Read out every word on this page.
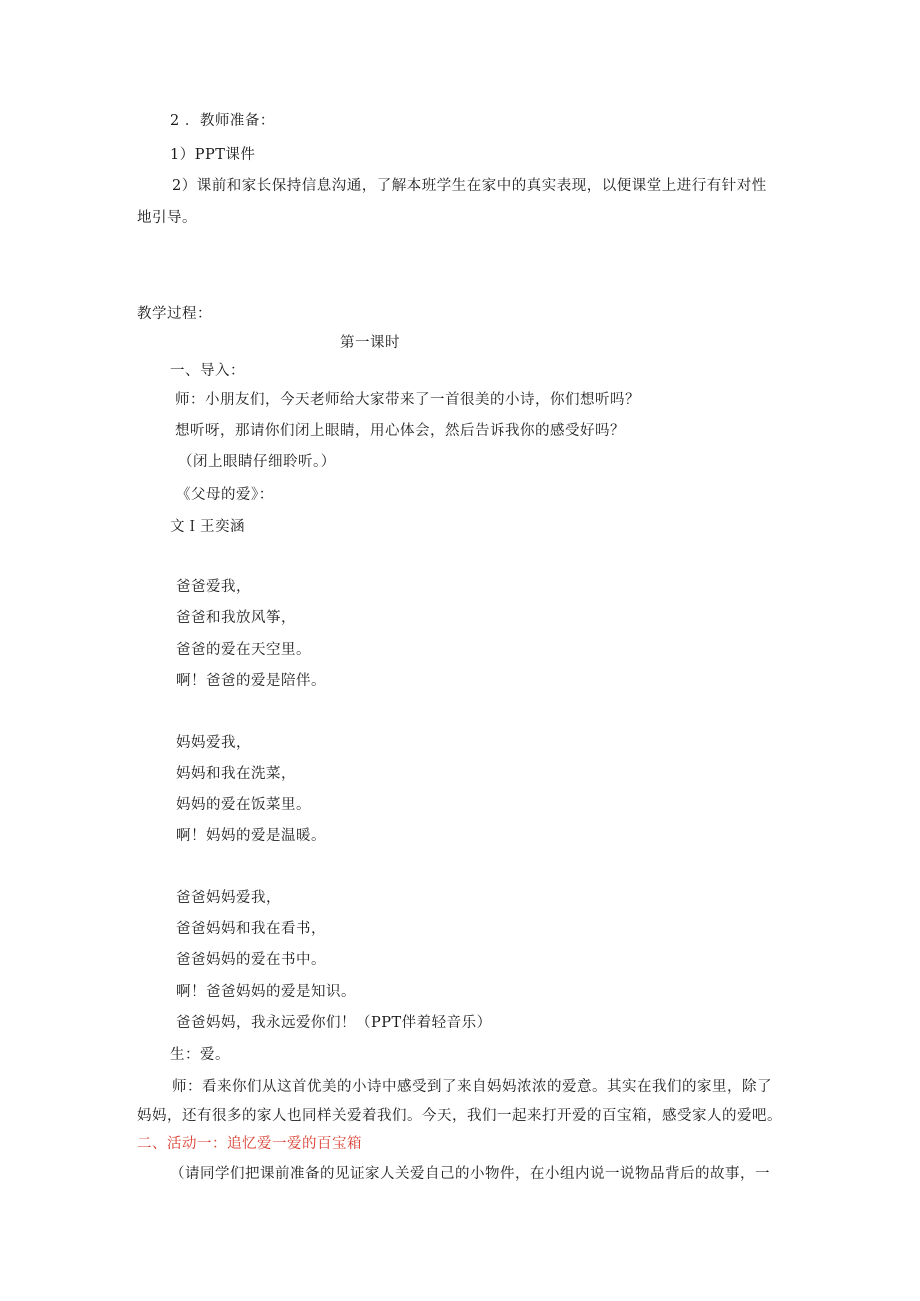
2 ．教师准备：
1）PPT课件
2）课前和家长保持信息沟通，了解本班学生在家中的真实表现，以便课堂上进行有针对性
地引导。
教学过程：
第一课时
一、导入：
师：小朋友们，今天老师给大家带来了一首很美的小诗，你们想听吗？
想听呀，那请你们闭上眼睛，用心体会，然后告诉我你的感受好吗？
（闭上眼睛仔细聆听。）
《父母的爱》：
文Ｉ王奕涵
爸爸爱我，
爸爸和我放风筝，
爸爸的爱在天空里。
啊！爸爸的爱是陪伴。
妈妈爱我，
妈妈和我在洗菜，
妈妈的爱在饭菜里。
啊！妈妈的爱是温暖。
爸爸妈妈爱我，
爸爸妈妈和我在看书，
爸爸妈妈的爱在书中。
啊！爸爸妈妈的爱是知识。
爸爸妈妈，我永远爱你们！（PPT伴着轻音乐）
生：爱。
师：看来你们从这首优美的小诗中感受到了来自妈妈浓浓的爱意。其实在我们的家里，除了
妈妈，还有很多的家人也同样关爱着我们。今天，我们一起来打开爱的百宝箱，感受家人的爱吧。
二、活动一：追忆爱一爱的百宝箱
（请同学们把课前准备的见证家人关爱自己的小物件，在小组内说一说物品背后的故事，一
